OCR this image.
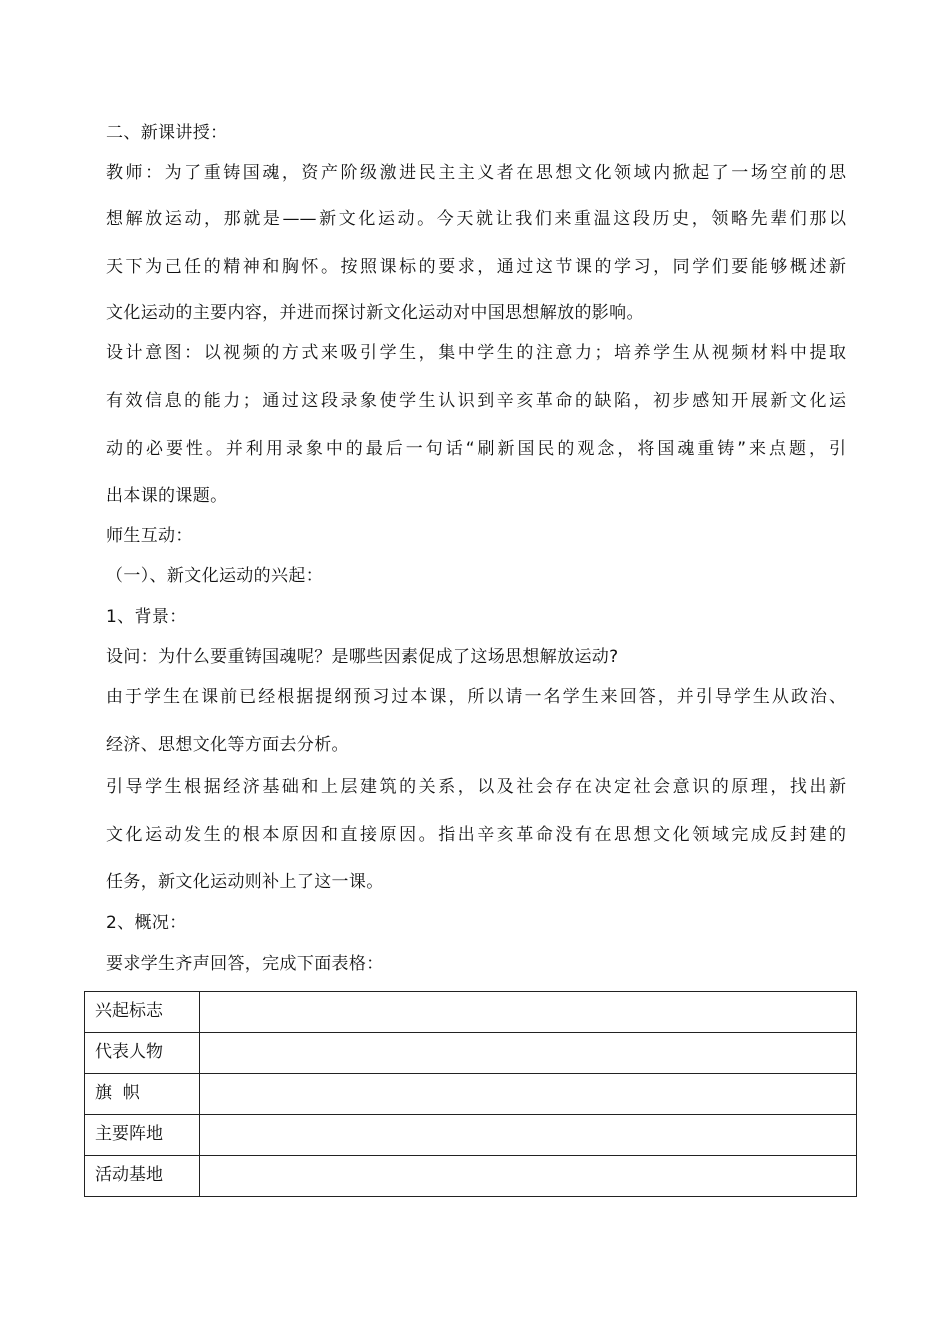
二、新课讲授：
教师：为了重铸国魂，资产阶级激进民主主义者在思想文化领域内掀起了一场空前的思
想解放运动，那就是——新文化运动。今天就让我们来重温这段历史，领略先辈们那以
天下为己任的精神和胸怀。按照课标的要求，通过这节课的学习，同学们要能够概述新
文化运动的主要内容，并进而探讨新文化运动对中国思想解放的影响。
设计意图：以视频的方式来吸引学生，集中学生的注意力；培养学生从视频材料中提取
有效信息的能力；通过这段录象使学生认识到辛亥革命的缺陷，初步感知开展新文化运
动的必要性。并利用录象中的最后一句话“刷新国民的观念，将国魂重铸”来点题，引
出本课的课题。
师生互动：
（一）、新文化运动的兴起：
1、背景：
设问：为什么要重铸国魂呢？是哪些因素促成了这场思想解放运动?
由于学生在课前已经根据提纲预习过本课，所以请一名学生来回答，并引导学生从政治、
经济、思想文化等方面去分析。
引导学生根据经济基础和上层建筑的关系，以及社会存在决定社会意识的原理，找出新
文化运动发生的根本原因和直接原因。指出辛亥革命没有在思想文化领域完成反封建的
任务，新文化运动则补上了这一课。
2、概况：
要求学生齐声回答，完成下面表格：
兴起标志	
代表人物	
旗  帜	
主要阵地	
活动基地	
